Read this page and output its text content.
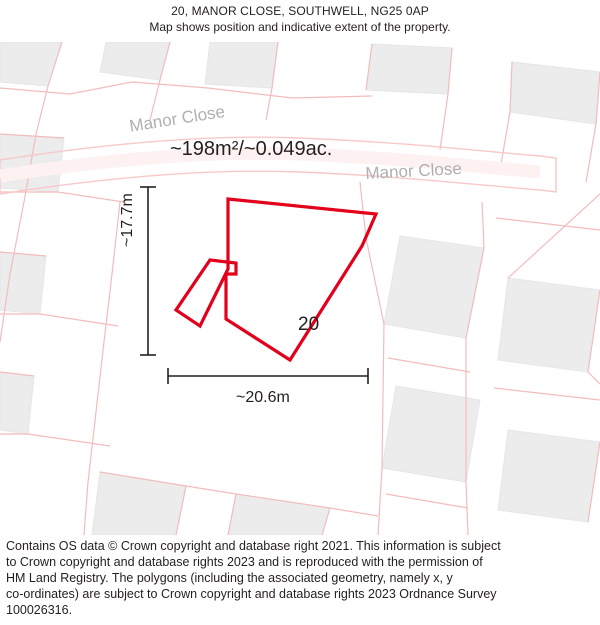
20, MANOR CLOSE, SOUTHWELL, NG25 0AP
Map shows position and indicative extent of the property.
Manor Close
Manor Close
~198m²/~0.049ac.
20
~20.6m
~17.7m

Contains OS data © Crown copyright and database right 2021. This information is subject

to Crown copyright and database rights 2023 and is reproduced with the permission of

HM Land Registry. The polygons (including the associated geometry, namely x, y

co-ordinates) are subject to Crown copyright and database rights 2023 Ordnance Survey

100026316.
